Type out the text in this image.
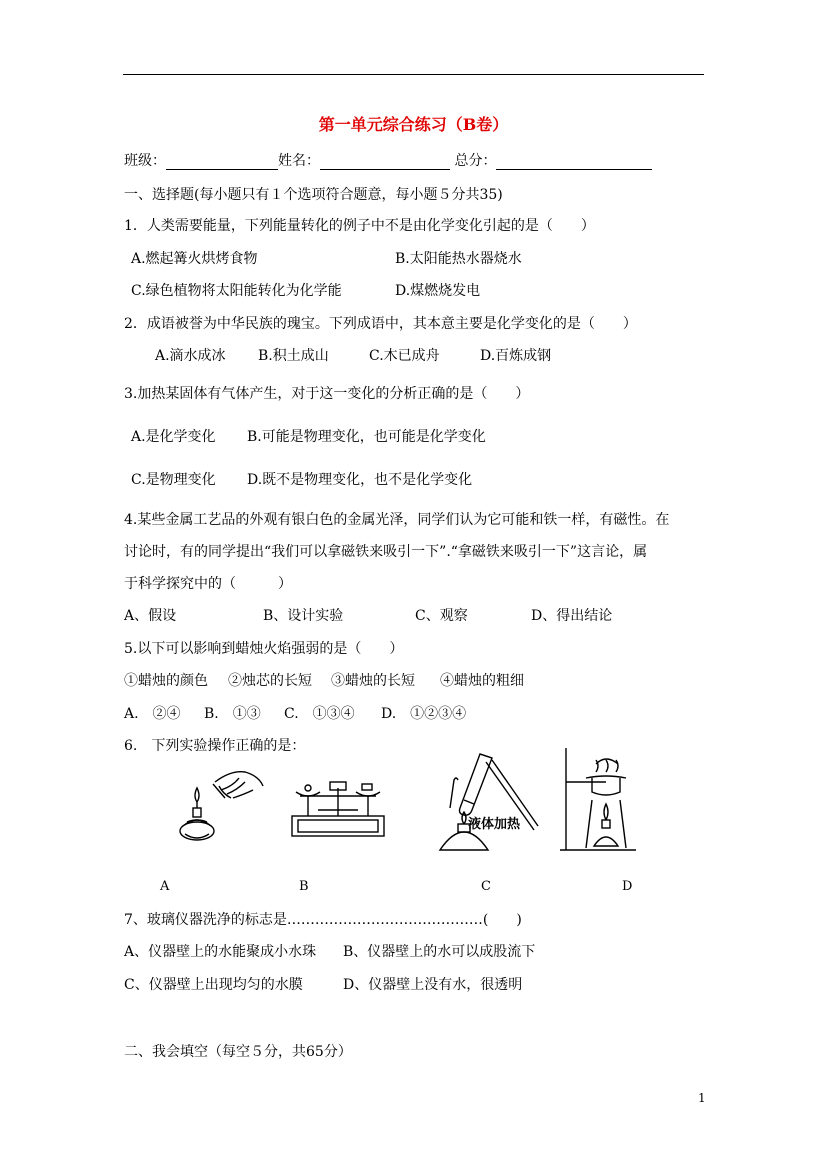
第一单元综合练习（B卷）
班级：	姓名：	总分：
一、选择题(每小题只有１个选项符合题意，每小题５分共35)
1．人类需要能量，下列能量转化的例子中不是由化学变化引起的是（　　）
A.燃起篝火烘烤食物	B.太阳能热水器烧水
C.绿色植物将太阳能转化为化学能	D.煤燃烧发电
2．成语被誉为中华民族的瑰宝。下列成语中，其本意主要是化学变化的是（　　）
A.滴水成冰 B.积土成山	C.木已成舟	D.百炼成钢
3.加热某固体有气体产生，对于这一变化的分析正确的是（　　）
A.是化学变化 B.可能是物理变化，也可能是化学变化
C.是物理变化 D.既不是物理变化，也不是化学变化
4.某些金属工艺品的外观有银白色的金属光泽，同学们认为它可能和铁一样，有磁性。在
讨论时，有的同学提出“我们可以拿磁铁来吸引一下”.“拿磁铁来吸引一下”这言论，属
于科学探究中的（　　　）
A、假设	B、设计实验	C、观察	D、得出结论
5.以下可以影响到蜡烛火焰强弱的是（　　）
①蜡烛的颜色 ②烛芯的长短 ③蜡烛的长短 ④蜡烛的粗细
A.　②④ B.　①③ C.　①③④ D.　①②③④
6.　下列实验操作正确的是：
液体加热
A	B	C	D
7、玻璃仪器洗净的标志是……………………………………(　　)
A、仪器壁上的水能聚成小水珠 B、仪器壁上的水可以成股流下
C、仪器壁上出现均匀的水膜	D、仪器壁上没有水，很透明
二、我会填空（每空５分，共65分）
1
